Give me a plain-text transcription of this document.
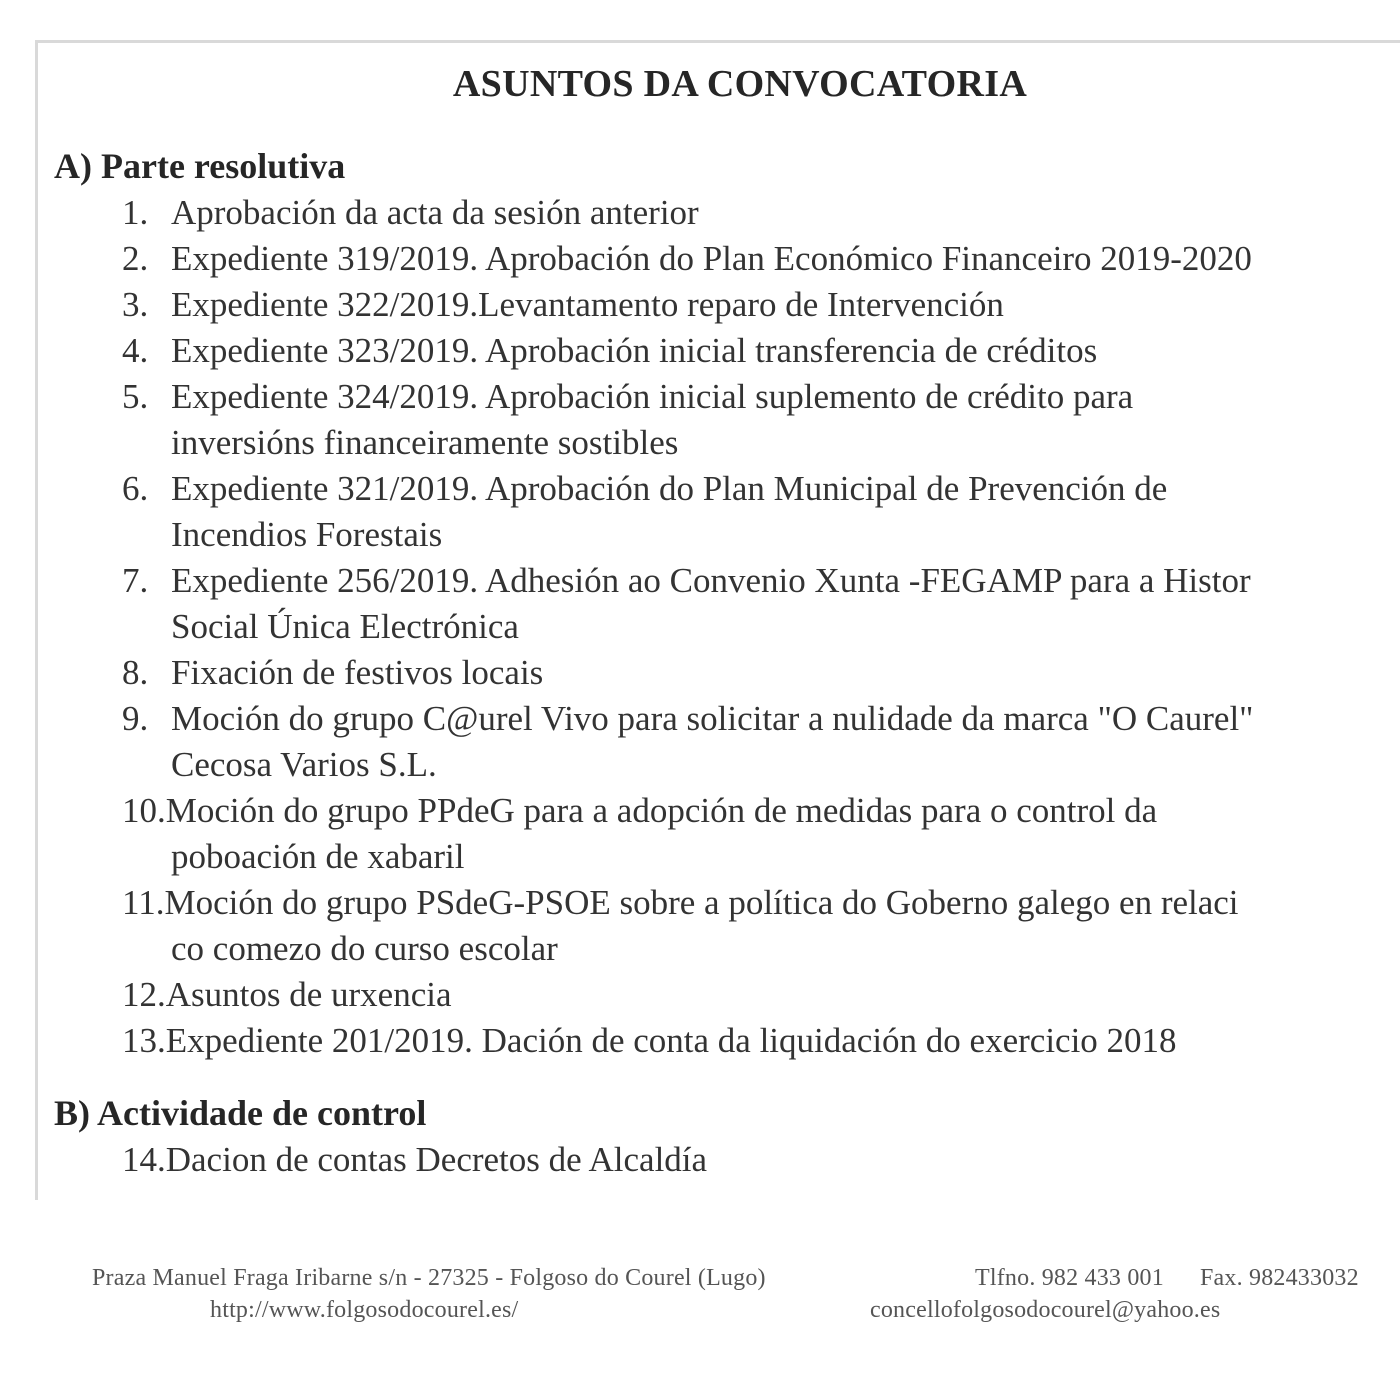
ASUNTOS DA CONVOCATORIA
A) Parte resolutiva
1. Aprobación da acta da sesión anterior
2. Expediente 319/2019. Aprobación do Plan Económico Financeiro 2019-2020
3. Expediente 322/2019.Levantamento reparo de Intervención
4. Expediente 323/2019. Aprobación inicial transferencia de créditos
5. Expediente 324/2019. Aprobación inicial suplemento de crédito para
inversións financeiramente sostibles
6. Expediente 321/2019. Aprobación do Plan Municipal de Prevención de
Incendios Forestais
7. Expediente 256/2019. Adhesión ao Convenio Xunta -FEGAMP para a Histor
Social Única Electrónica
8. Fixación de festivos locais
9. Moción do grupo C@urel Vivo para solicitar a nulidade da marca "O Caurel"
Cecosa Varios S.L.
10.Moción do grupo PPdeG para a adopción de medidas para o control da
poboación de xabaril
11.Moción do grupo PSdeG-PSOE sobre a política do Goberno galego en relaci
co comezo do curso escolar
12.Asuntos de urxencia
13.Expediente 201/2019. Dación de conta da liquidación do exercicio 2018
B) Actividade de control
14.Dacion de contas Decretos de Alcaldía
Praza Manuel Fraga Iribarne s/n - 27325 - Folgoso do Courel (Lugo)	Tlfno. 982 433 001 Fax. 982433032
http://www.folgosodocourel.es/	concellofolgosodocourel@yahoo.es
